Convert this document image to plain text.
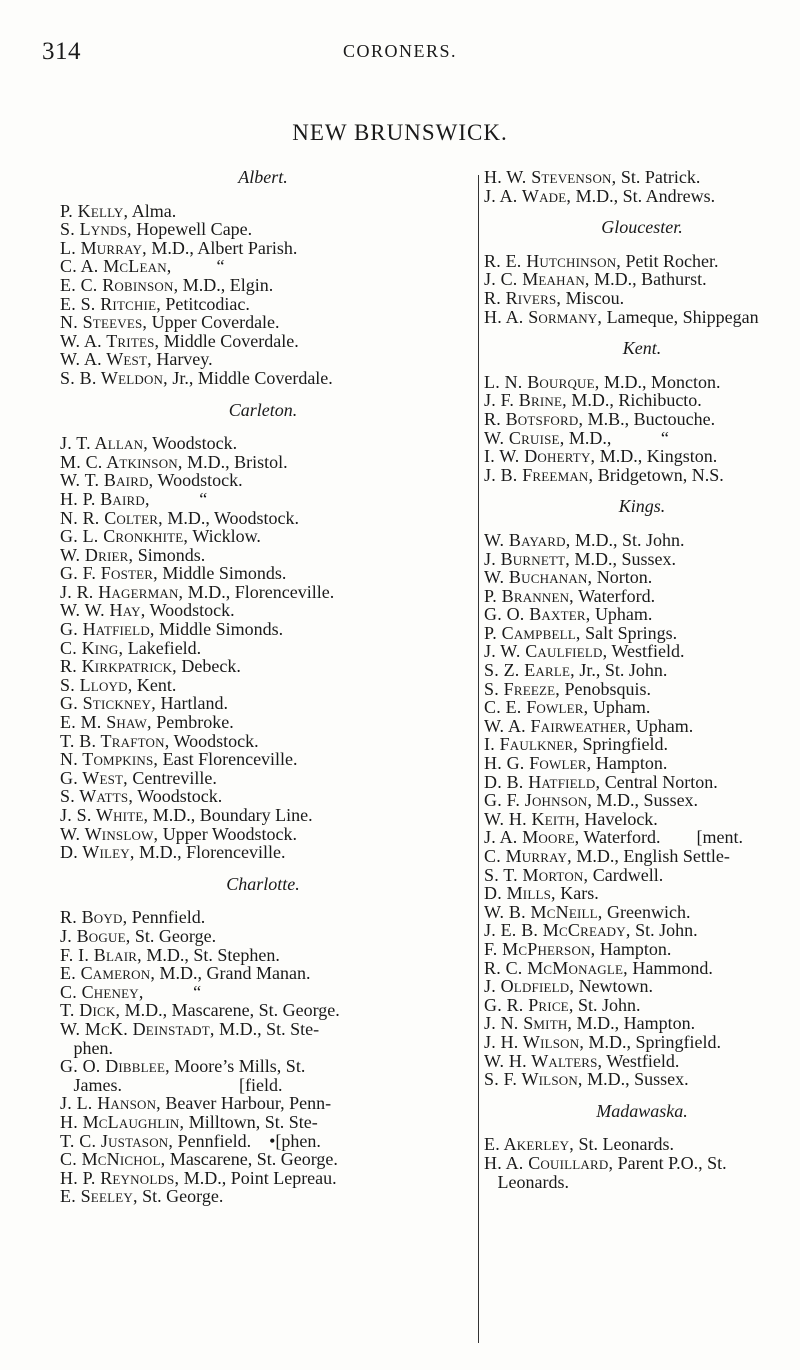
314	CORONERS.
NEW BRUNSWICK.
Albert.
P. Kelly, Alma.
S. Lynds, Hopewell Cape.
L. Murray, M.D., Albert Parish.
C. A. McLean,          “
E. C. Robinson, M.D., Elgin.
E. S. Ritchie, Petitcodiac.
N. Steeves, Upper Coverdale.
W. A. Trites, Middle Coverdale.
W. A. West, Harvey.
S. B. Weldon, Jr., Middle Coverdale.
Carleton.
J. T. Allan, Woodstock.
M. C. Atkinson, M.D., Bristol.
W. T. Baird, Woodstock.
H. P. Baird,           “
N. R. Colter, M.D., Woodstock.
G. L. Cronkhite, Wicklow.
W. Drier, Simonds.
G. F. Foster, Middle Simonds.
J. R. Hagerman, M.D., Florenceville.
W. W. Hay, Woodstock.
G. Hatfield, Middle Simonds.
C. King, Lakefield.
R. Kirkpatrick, Debeck.
S. Lloyd, Kent.
G. Stickney, Hartland.
E. M. Shaw, Pembroke.
T. B. Trafton, Woodstock.
N. Tompkins, East Florenceville.
G. West, Centreville.
S. Watts, Woodstock.
J. S. White, M.D., Boundary Line.
W. Winslow, Upper Woodstock.
D. Wiley, M.D., Florenceville.
Charlotte.
R. Boyd, Pennfield.
J. Bogue, St. George.
F. I. Blair, M.D., St. Stephen.
E. Cameron, M.D., Grand Manan.
C. Cheney,           “
T. Dick, M.D., Mascarene, St. George.
W. McK. Deinstadt, M.D., St. Ste-
phen.
G. O. Dibblee, Moore’s Mills, St.
James.                          [field.
J. L. Hanson, Beaver Harbour, Penn-
H. McLaughlin, Milltown, St. Ste-
T. C. Justason, Pennfield.    •[phen.
C. McNichol, Mascarene, St. George.
H. P. Reynolds, M.D., Point Lepreau.
E. Seeley, St. George.
H. W. Stevenson, St. Patrick.
J. A. Wade, M.D., St. Andrews.
Gloucester.
R. E. Hutchinson, Petit Rocher.
J. C. Meahan, M.D., Bathurst.
R. Rivers, Miscou.
H. A. Sormany, Lameque, Shippegan
Kent.
L. N. Bourque, M.D., Moncton.
J. F. Brine, M.D., Richibucto.
R. Botsford, M.B., Buctouche.
W. Cruise, M.D.,           “
I. W. Doherty, M.D., Kingston.
J. B. Freeman, Bridgetown, N.S.
Kings.
W. Bayard, M.D., St. John.
J. Burnett, M.D., Sussex.
W. Buchanan, Norton.
P. Brannen, Waterford.
G. O. Baxter, Upham.
P. Campbell, Salt Springs.
J. W. Caulfield, Westfield.
S. Z. Earle, Jr., St. John.
S. Freeze, Penobsquis.
C. E. Fowler, Upham.
W. A. Fairweather, Upham.
I. Faulkner, Springfield.
H. G. Fowler, Hampton.
D. B. Hatfield, Central Norton.
G. F. Johnson, M.D., Sussex.
W. H. Keith, Havelock.
J. A. Moore, Waterford.        [ment.
C. Murray, M.D., English Settle-
S. T. Morton, Cardwell.
D. Mills, Kars.
W. B. McNeill, Greenwich.
J. E. B. McCready, St. John.
F. McPherson, Hampton.
R. C. McMonagle, Hammond.
J. Oldfield, Newtown.
G. R. Price, St. John.
J. N. Smith, M.D., Hampton.
J. H. Wilson, M.D., Springfield.
W. H. Walters, Westfield.
S. F. Wilson, M.D., Sussex.
Madawaska.
E. Akerley, St. Leonards.
H. A. Couillard, Parent P.O., St.
Leonards.
